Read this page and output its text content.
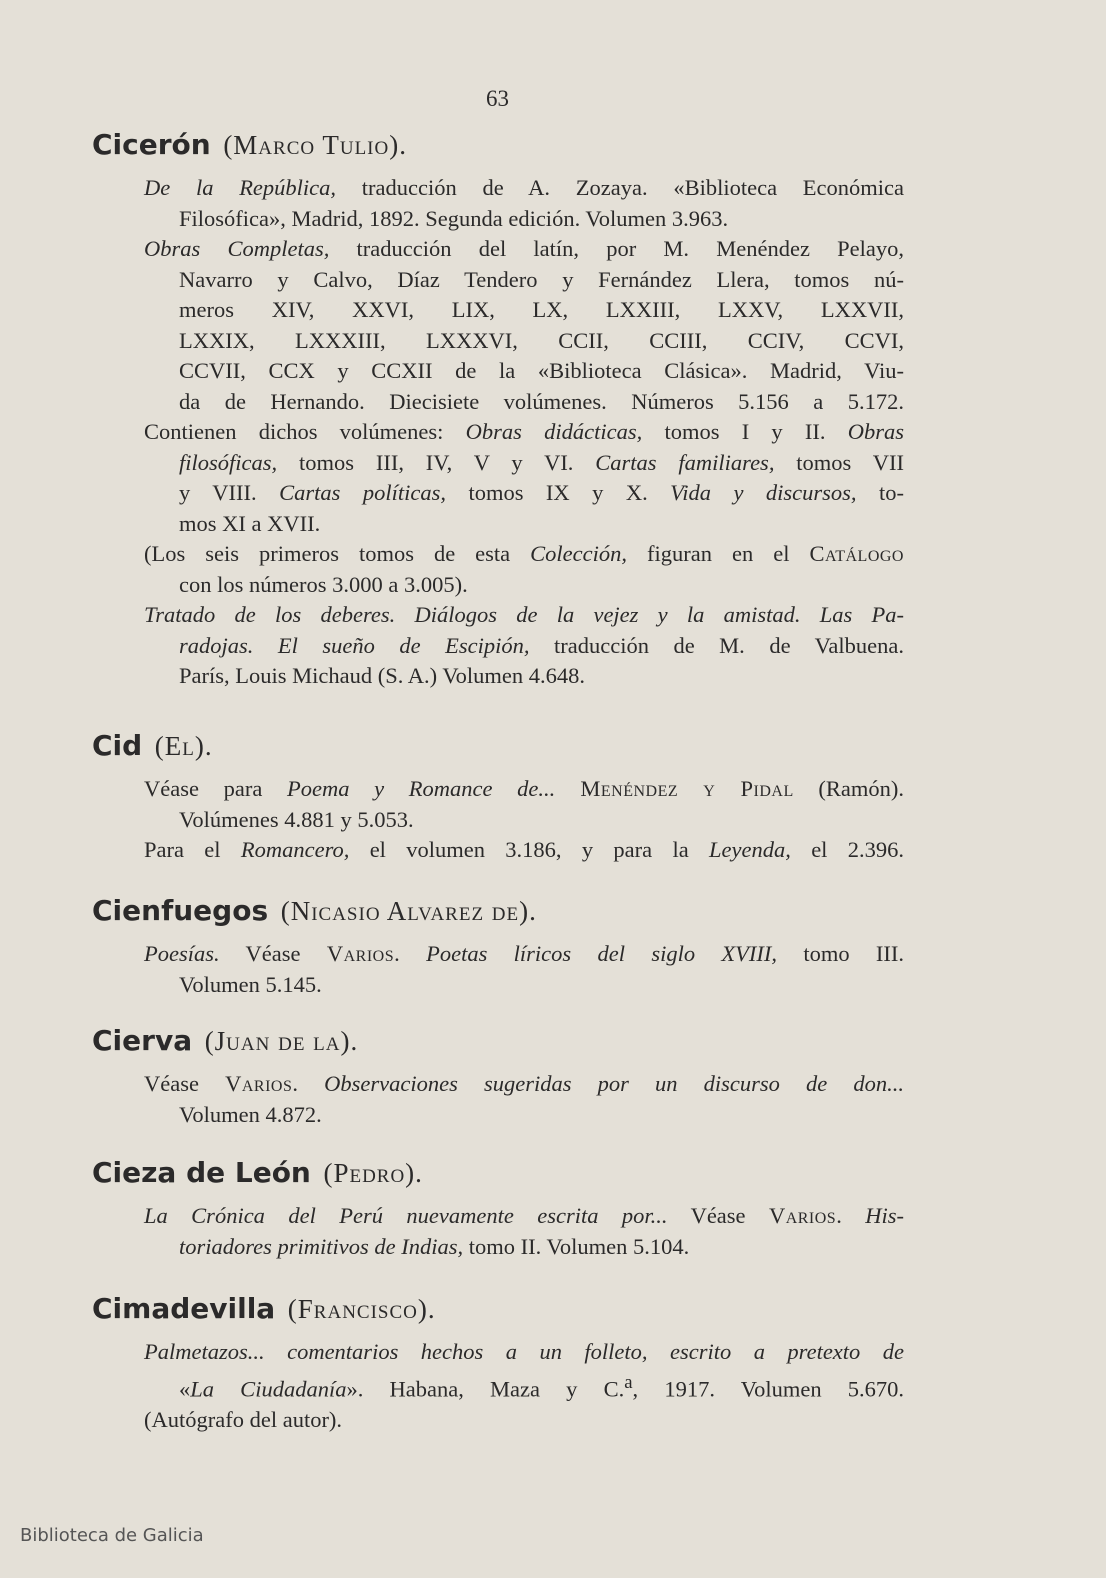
63
Cicerón (Marco Tulio).
De la República, traducción de A. Zozaya. «Biblioteca Económica
Filosófica», Madrid, 1892. Segunda edición. Volumen 3.963.
Obras Completas, traducción del latín, por M. Menéndez Pelayo,
Navarro y Calvo, Díaz Tendero y Fernández Llera, tomos nú-
meros XIV, XXVI, LIX, LX, LXXIII, LXXV, LXXVII,
LXXIX, LXXXIII, LXXXVI, CCII, CCIII, CCIV, CCVI,
CCVII, CCX y CCXII de la «Biblioteca Clásica». Madrid, Viu-
da de Hernando. Diecisiete volúmenes. Números 5.156 a 5.172.
Contienen dichos volúmenes: Obras didácticas, tomos I y II. Obras
filosóficas, tomos III, IV, V y VI. Cartas familiares, tomos VII
y VIII. Cartas políticas, tomos IX y X. Vida y discursos, to-
mos XI a XVII.
(Los seis primeros tomos de esta Colección, figuran en el Catálogo
con los números 3.000 a 3.005).
Tratado de los deberes. Diálogos de la vejez y la amistad. Las Pa-
radojas. El sueño de Escipión, traducción de M. de Valbuena.
París, Louis Michaud (S. A.) Volumen 4.648.
Cid (El).
Véase para Poema y Romance de... Menéndez y Pidal (Ramón).
Volúmenes 4.881 y 5.053.
Para el Romancero, el volumen 3.186, y para la Leyenda, el 2.396.
Cienfuegos (Nicasio Alvarez de).
Poesías. Véase Varios. Poetas líricos del siglo XVIII, tomo III.
Volumen 5.145.
Cierva (Juan de la).
Véase Varios. Observaciones sugeridas por un discurso de don...
Volumen 4.872.
Cieza de León (Pedro).
La Crónica del Perú nuevamente escrita por... Véase Varios. His-
toriadores primitivos de Indias, tomo II. Volumen 5.104.
Cimadevilla (Francisco).
Palmetazos... comentarios hechos a un folleto, escrito a pretexto de
«La Ciudadanía». Habana, Maza y C.$^a$, 1917. Volumen 5.670.
(Autógrafo del autor).
Biblioteca de Galicia
